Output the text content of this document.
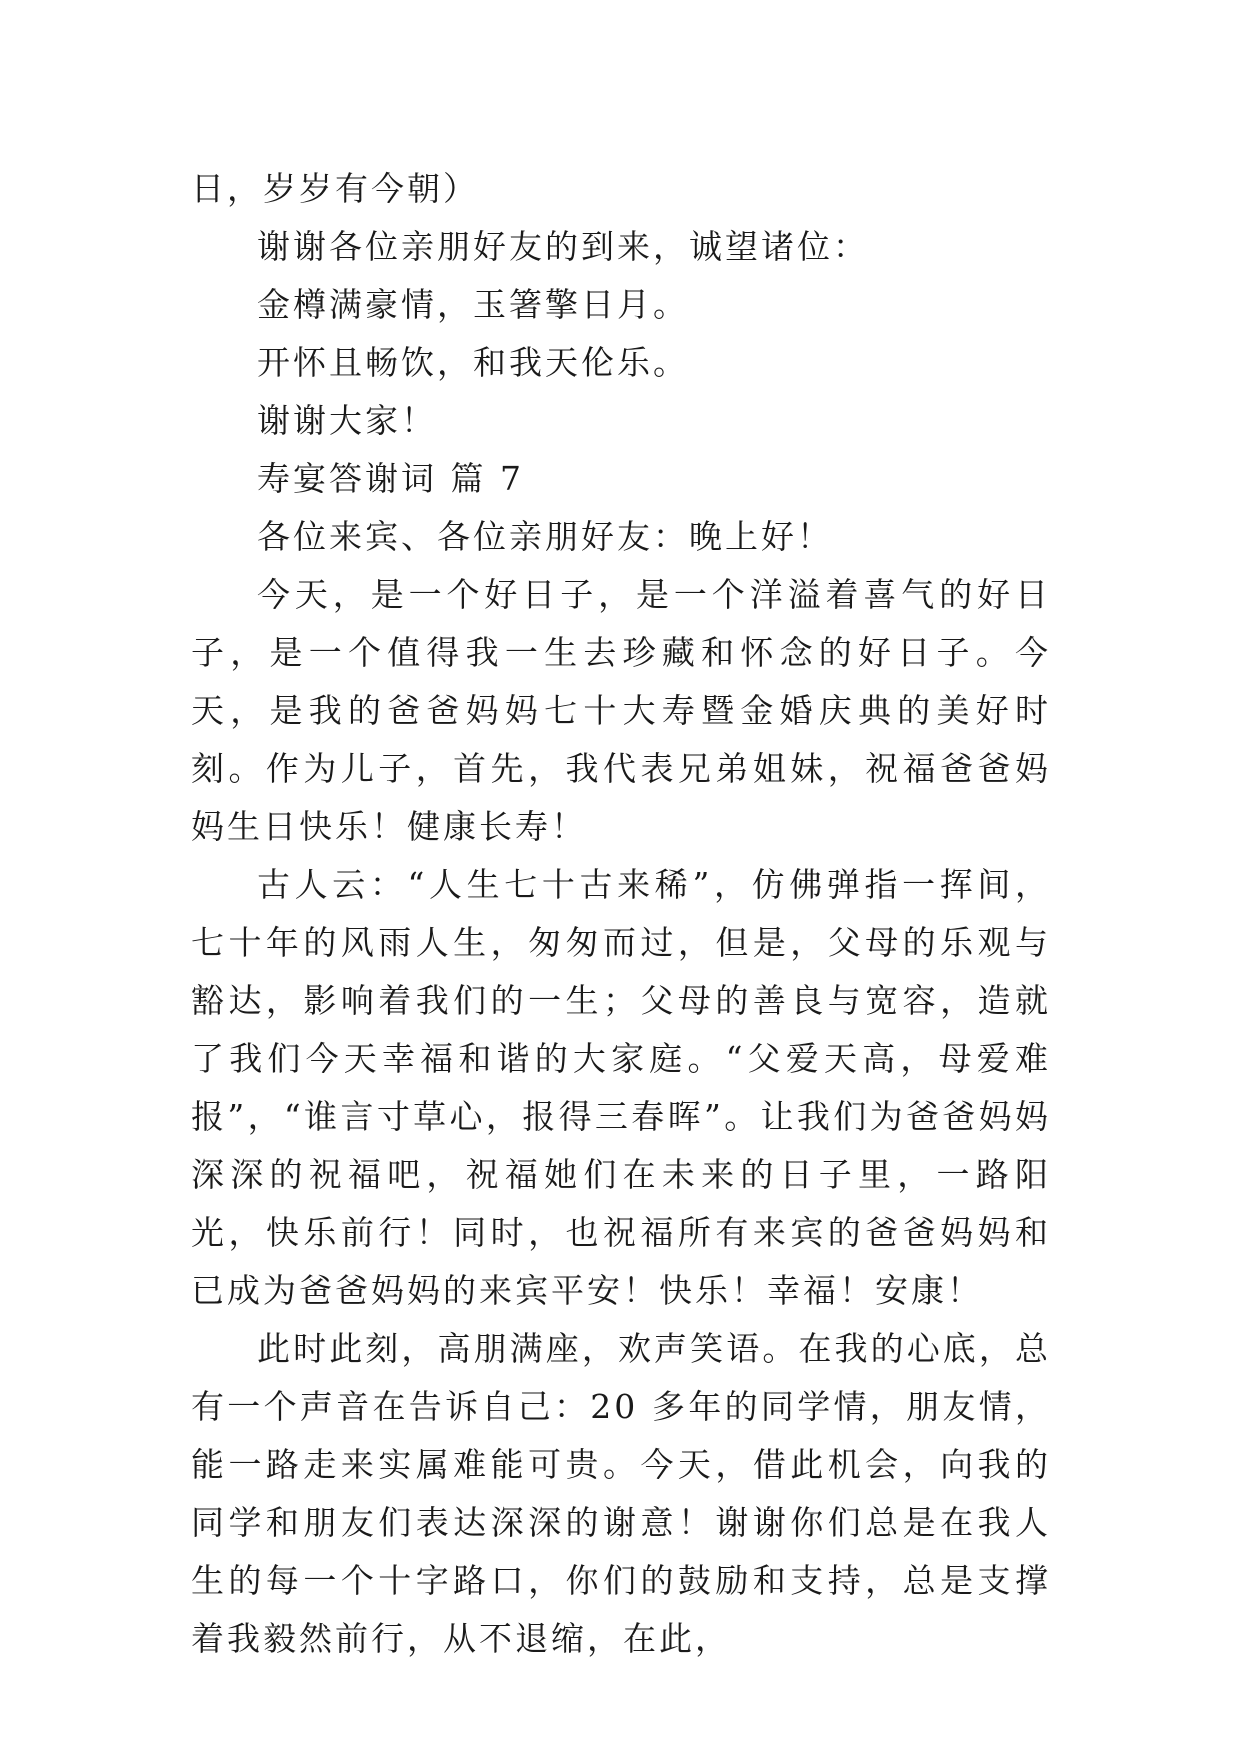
日，岁岁有今朝）

谢谢各位亲朋好友的到来，诚望诸位：

金樽满豪情，玉箸擎日月。

开怀且畅饮，和我天伦乐。

谢谢大家！

寿宴答谢词 篇 7

各位来宾、各位亲朋好友：晚上好！

今天，是一个好日子，是一个洋溢着喜气的好日子，是一个值得我一生去珍藏和怀念的好日子。今天，是我的爸爸妈妈七十大寿暨金婚庆典的美好时刻。作为儿子，首先，我代表兄弟姐妹，祝福爸爸妈妈生日快乐！健康长寿！

古人云：“人生七十古来稀”，仿佛弹指一挥间，七十年的风雨人生，匆匆而过，但是，父母的乐观与豁达，影响着我们的一生；父母的善良与宽容，造就了我们今天幸福和谐的大家庭。“父爱天高，母爱难报”，“谁言寸草心，报得三春晖”。让我们为爸爸妈妈深深的祝福吧，祝福她们在未来的日子里，一路阳光，快乐前行！同时，也祝福所有来宾的爸爸妈妈和已成为爸爸妈妈的来宾平安！快乐！幸福！安康！

此时此刻，高朋满座，欢声笑语。在我的心底，总有一个声音在告诉自己：20 多年的同学情，朋友情，能一路走来实属难能可贵。今天，借此机会，向我的同学和朋友们表达深深的谢意！谢谢你们总是在我人生的每一个十字路口，你们的鼓励和支持，总是支撑着我毅然前行，从不退缩，在此，
